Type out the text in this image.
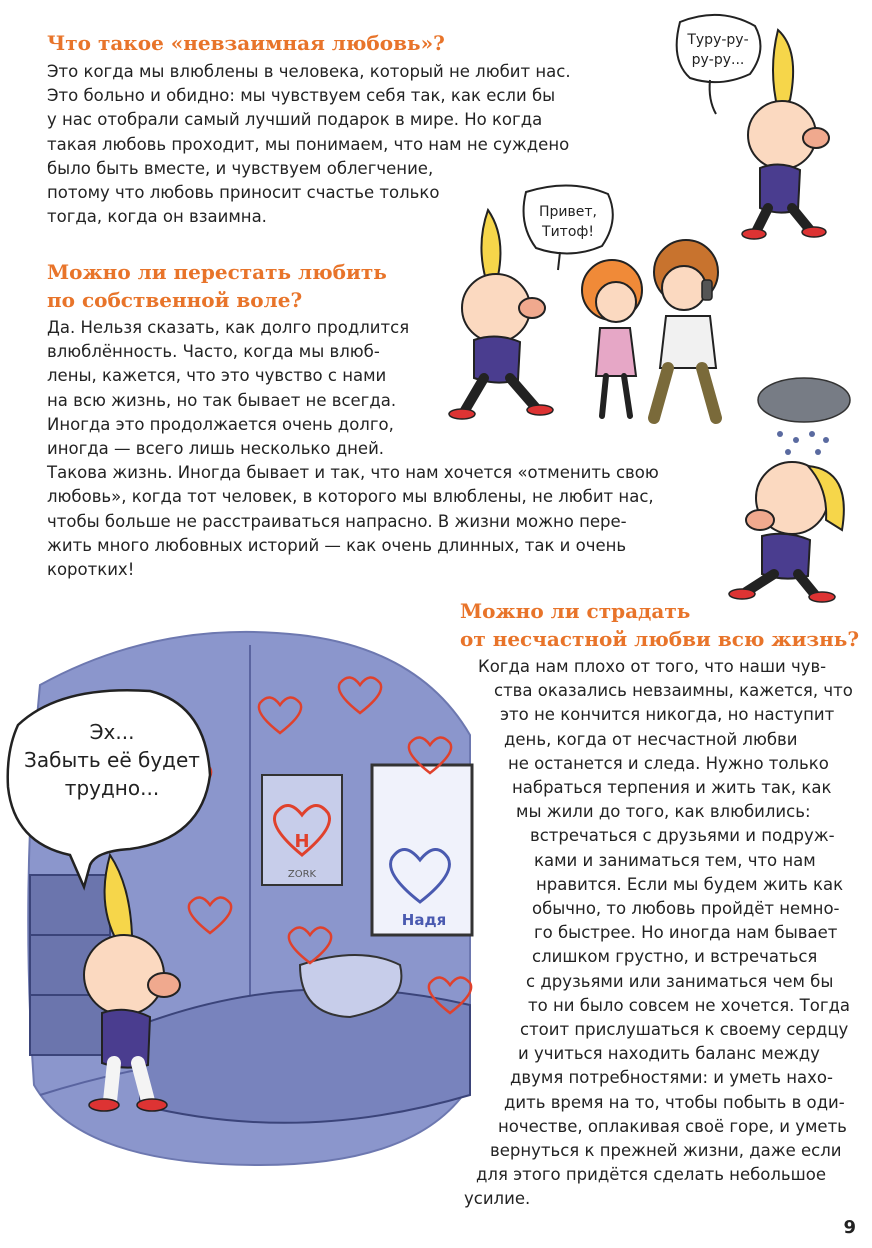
Что такое «невзаимная любовь»?
Это когда мы влюблены в человека, который не любит нас.
Это больно и обидно: мы чувствуем себя так, как если бы
у нас отобрали самый лучший подарок в мире. Но когда
такая любовь проходит, мы понимаем, что нам не суждено
было быть вместе, и чувствуем облегчение,
потому что любовь приносит счастье только
тогда, когда он взаимна.
Можно ли перестать любить
по собственной воле?
Да. Нельзя сказать, как долго продлится
влюблённость. Часто, когда мы влюб-
лены, кажется, что это чувство с нами
на всю жизнь, но так бывает не всегда.
Иногда это продолжается очень долго,
иногда — всего лишь несколько дней.
Такова жизнь. Иногда бывает и так, что нам хочется «отменить свою
любовь», когда тот человек, в которого мы влюблены, не любит нас,
чтобы больше не расстраиваться напрасно. В жизни можно пере-
жить много любовных историй — как очень длинных, так и очень
коротких!
Туру-ру-
ру-ру...
Привет,
Титоф!
Н
ZORK
Надя
Эх...
Забыть её будет
трудно...
Можно ли страдать
от несчастной любви всю жизнь?
Когда нам плохо от того, что наши чув-
ства оказались невзаимны, кажется, что
это не кончится никогда, но наступит
день, когда от несчастной любви
не останется и следа. Нужно только
набраться терпения и жить так, как
мы жили до того, как влюбились:
встречаться с друзьями и подруж-
ками и заниматься тем, что нам
нравится. Если мы будем жить как
обычно, то любовь пройдёт немно-
го быстрее. Но иногда нам бывает
слишком грустно, и встречаться
с друзьями или заниматься чем бы
то ни было совсем не хочется. Тогда
стоит прислушаться к своему сердцу
и учиться находить баланс между
двумя потребностями: и уметь нахо-
дить время на то, чтобы побыть в оди-
ночестве, оплакивая своё горе, и уметь
вернуться к прежней жизни, даже если
для этого придётся сделать небольшое
усилие.
9
